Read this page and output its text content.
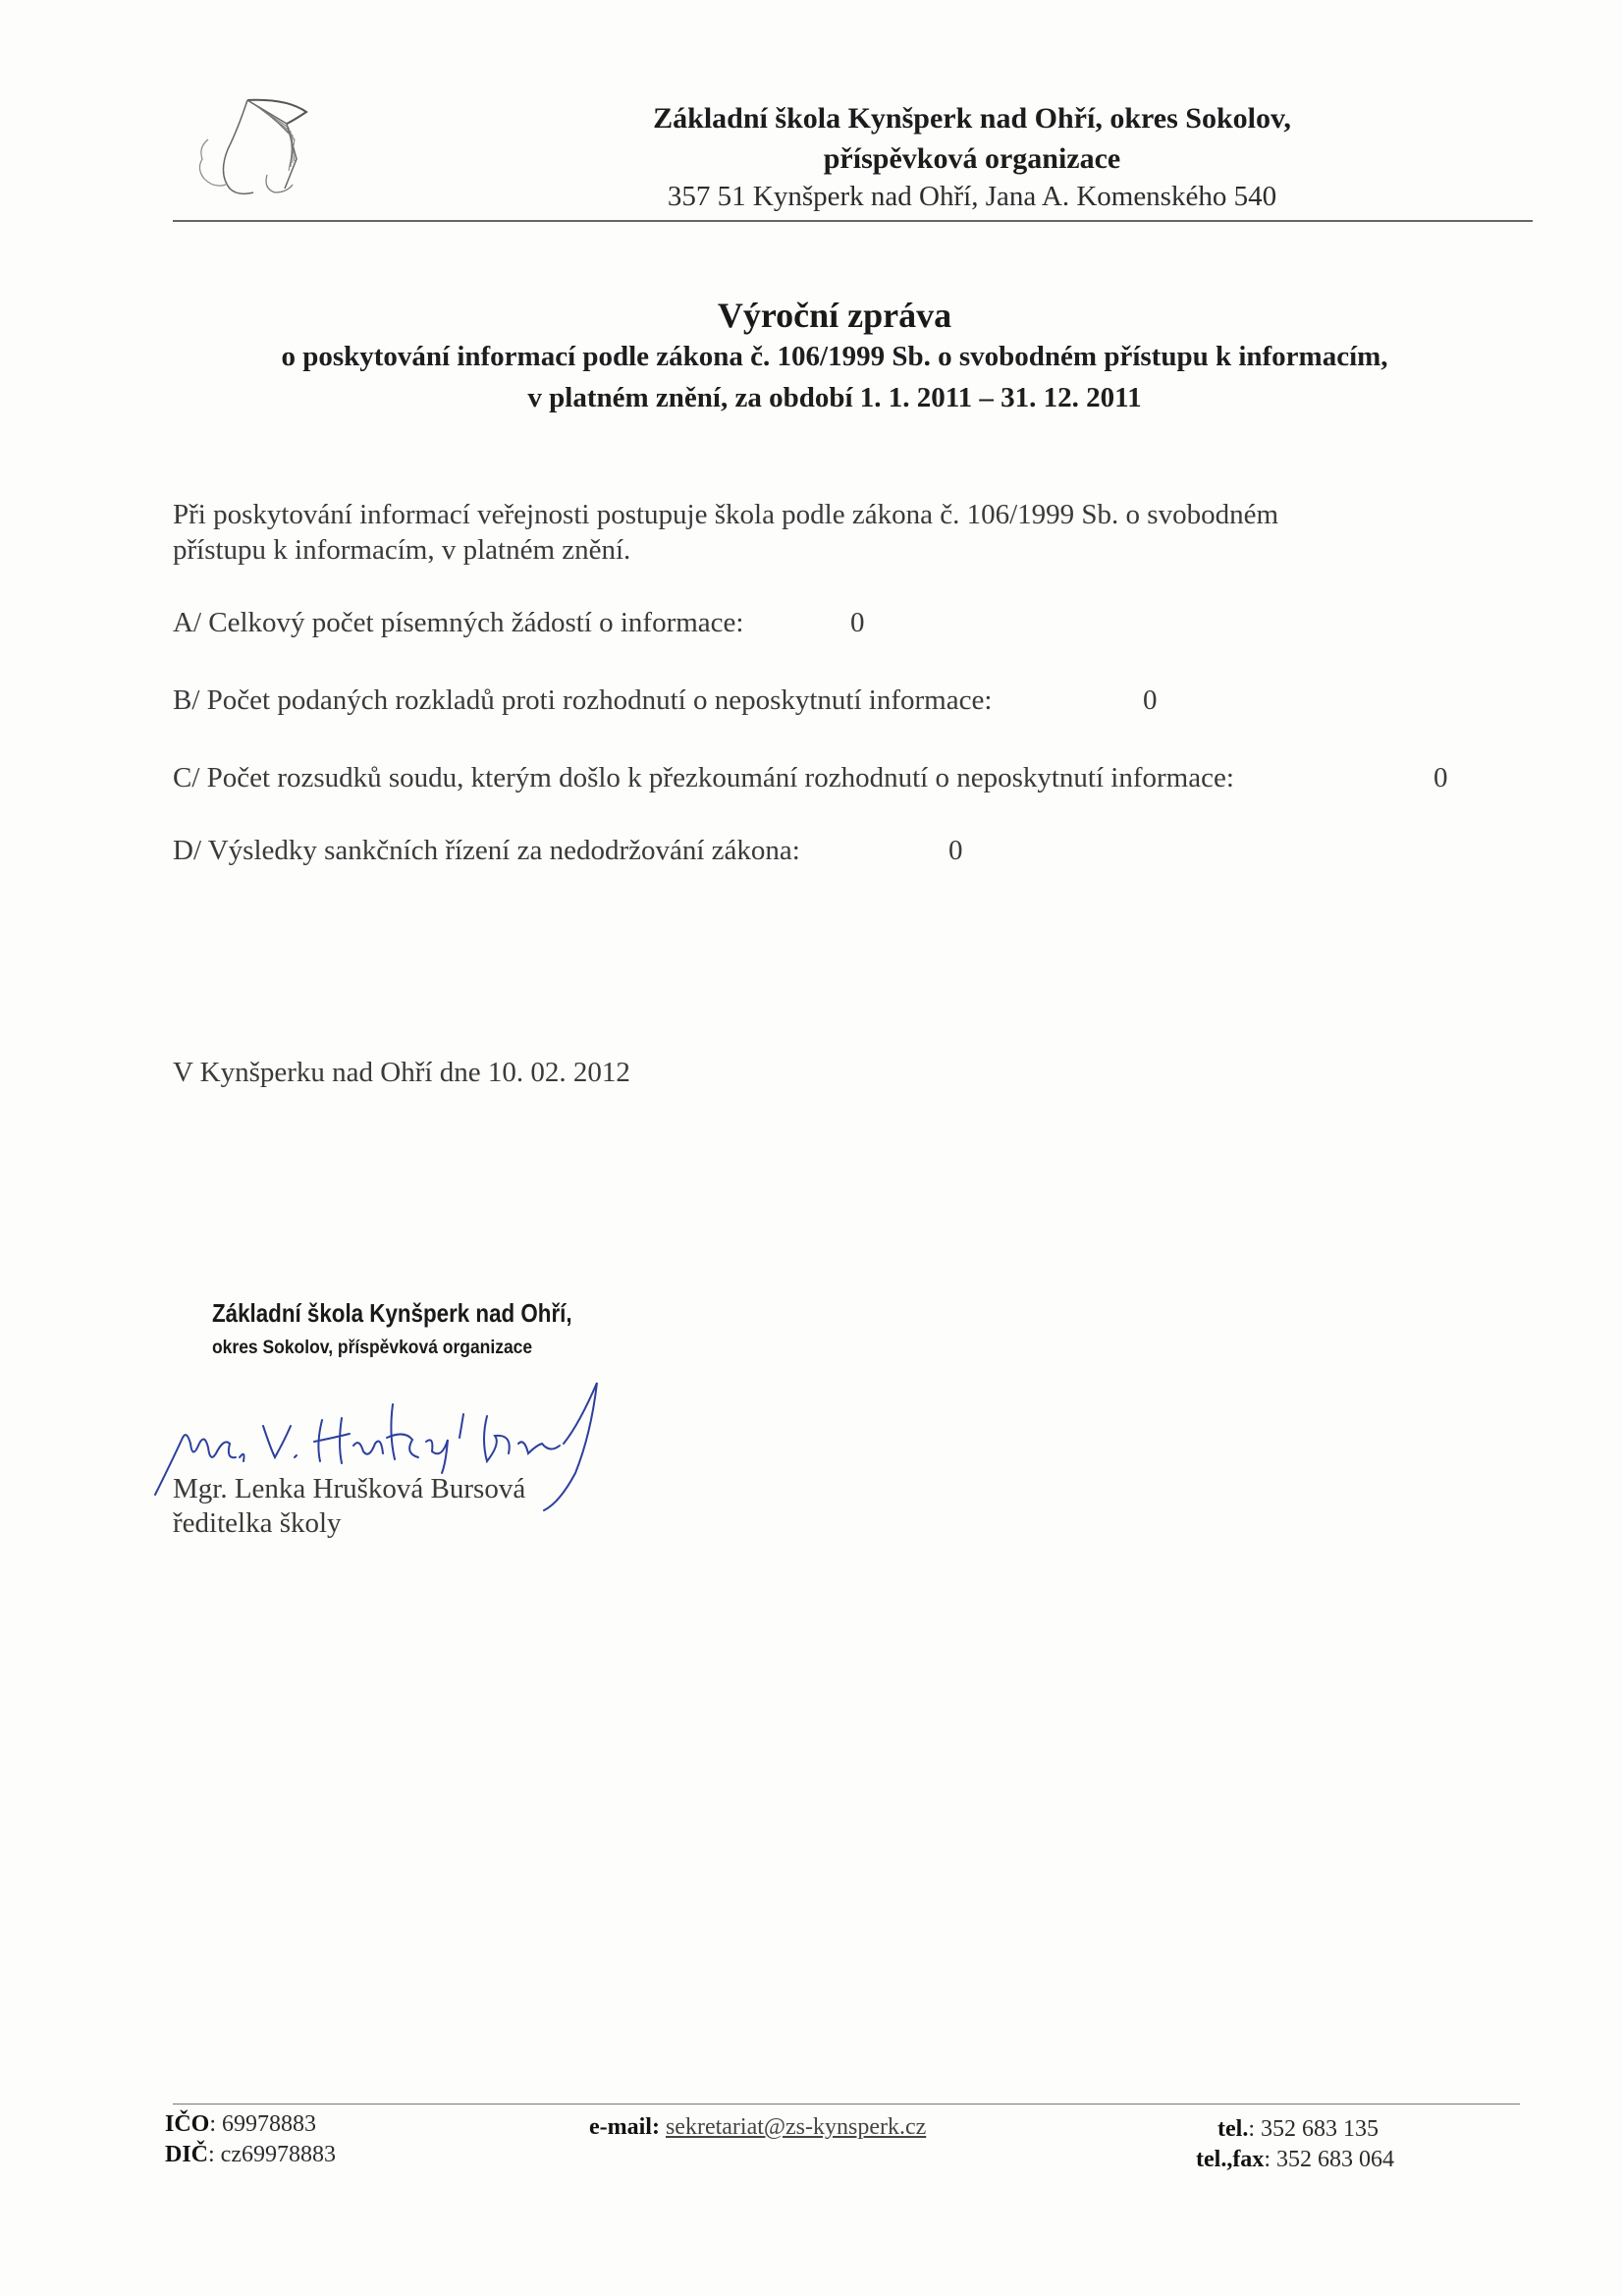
Základní škola Kynšperk nad Ohří, okres Sokolov,
příspěvková organizace
357 51 Kynšperk nad Ohří, Jana A. Komenského 540
Výroční zpráva
o poskytování informací podle zákona č. 106/1999 Sb. o svobodném přístupu k informacím,
v platném znění, za období 1. 1. 2011 – 31. 12. 2011
Při poskytování informací veřejnosti postupuje škola podle zákona č. 106/1999 Sb. o svobodném
přístupu k informacím, v platném znění.
A/ Celkový počet písemných žádostí o informace:	0
B/ Počet podaných rozkladů proti rozhodnutí o neposkytnutí informace:	0
C/ Počet rozsudků soudu, kterým došlo k přezkoumání rozhodnutí o neposkytnutí informace:	0
D/ Výsledky sankčních řízení za nedodržování zákona:	0
V Kynšperku nad Ohří dne 10. 02. 2012
Základní škola Kynšperk nad Ohří,
okres Sokolov, příspěvková organizace
Mgr. Lenka Hrušková Bursová
ředitelka školy
IČO: 69978883
DIČ: cz69978883
e-mail: sekretariat@zs-kynsperk.cz	tel.: 352 683 135
tel.,fax: 352 683 064
